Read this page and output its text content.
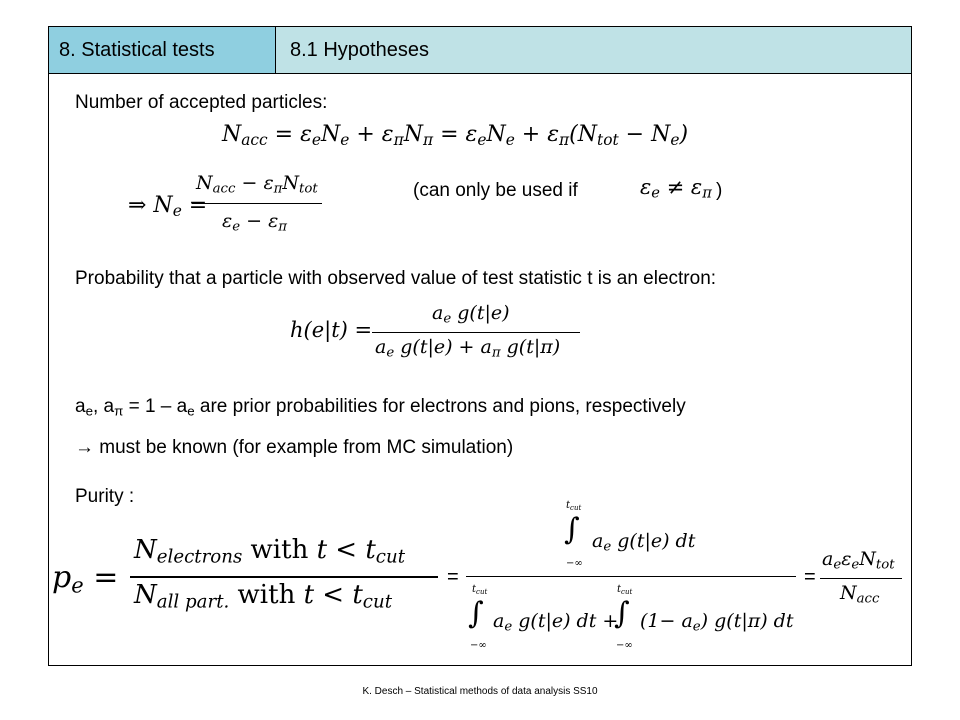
8. Statistical tests	8.1 Hypotheses
Number of accepted particles:
$N_{acc} = \varepsilon_eN_e + \varepsilon_\pi N_\pi = \varepsilon_eN_e + \varepsilon_\pi(N_{tot} - N_e)$
⇒ $N_e$ =
$N_{acc} - \varepsilon_\pi N_{tot}$
$\varepsilon_e - \varepsilon_\pi$
(can only be used if	$\varepsilon_e \ne \varepsilon_\pi$ )
Probability that a particle with observed value of test statistic t is an electron:
h(e|t) =
$a_e$ g(t|e)
$a_e$ $g(t|e) + a_\pi$ g(t|π)
$a_e$, $a_\pi = 1 - a_e$ are prior probabilities for electrons and pions, respectively
→ must be known (for example from MC simulation)
Purity :
$p_e$ =
$N_{electrons}$ with $t < t_{cut}$
$N_{all part.}$ with $t < t_{cut}$
=
$t_{cut}$
∫
−∞
$a_e$ g(t|e) dt
$t_{cut}$
∫
−∞
$a_e$ g(t|e) dt +
$t_{cut}$
∫
−∞
$(1- a_e)$ g(t|π) dt
=
$a_e\varepsilon_eN_{tot}$
$N_{acc}$
K. Desch – Statistical methods of data analysis SS10
